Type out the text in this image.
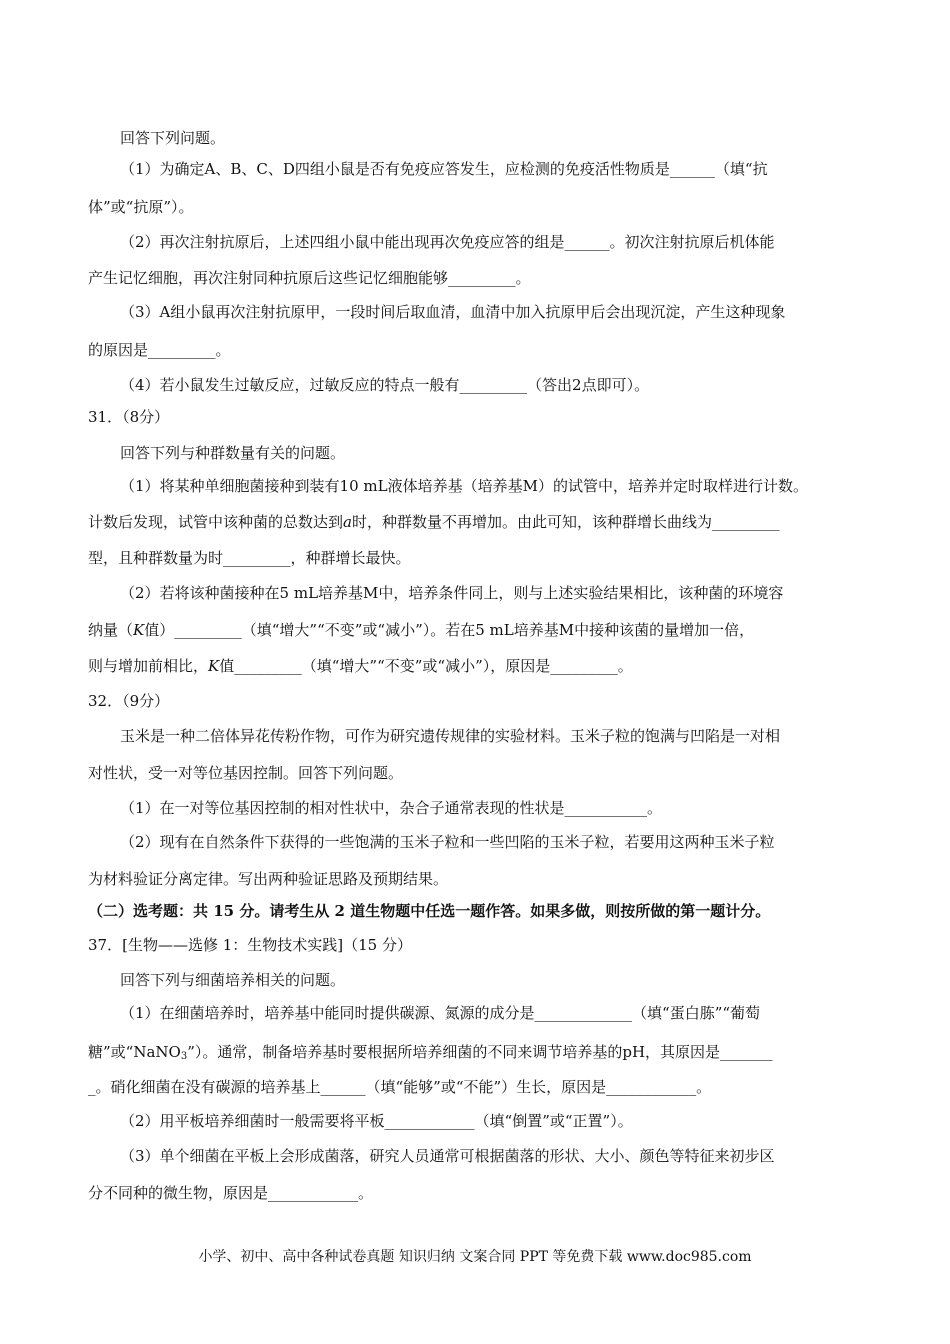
回答下列问题。
（1）为确定A、B、C、D四组小鼠是否有免疫应答发生，应检测的免疫活性物质是______（填“抗
体”或“抗原”）。
（2）再次注射抗原后，上述四组小鼠中能出现再次免疫应答的组是______。初次注射抗原后机体能
产生记忆细胞，再次注射同种抗原后这些记忆细胞能够_________。
（3）A组小鼠再次注射抗原甲，一段时间后取血清，血清中加入抗原甲后会出现沉淀，产生这种现象
的原因是_________。
（4）若小鼠发生过敏反应，过敏反应的特点一般有_________（答出2点即可）。
31．（8分）
回答下列与种群数量有关的问题。
（1）将某种单细胞菌接种到装有10 mL液体培养基（培养基M）的试管中，培养并定时取样进行计数。
计数后发现，试管中该种菌的总数达到a时，种群数量不再增加。由此可知，该种群增长曲线为_________
型，且种群数量为时_________，种群增长最快。
（2）若将该种菌接种在5 mL培养基M中，培养条件同上，则与上述实验结果相比，该种菌的环境容
纳量（K值）_________（填“增大”“不变”或“减小”）。若在5 mL培养基M中接种该菌的量增加一倍，
则与增加前相比，K值_________（填“增大”“不变”或“减小”），原因是_________。
32．（9分）
玉米是一种二倍体异花传粉作物，可作为研究遗传规律的实验材料。玉米子粒的饱满与凹陷是一对相
对性状，受一对等位基因控制。回答下列问题。
（1）在一对等位基因控制的相对性状中，杂合子通常表现的性状是___________。
（2）现有在自然条件下获得的一些饱满的玉米子粒和一些凹陷的玉米子粒，若要用这两种玉米子粒
为材料验证分离定律。写出两种验证思路及预期结果。
（二）选考题：共 15 分。请考生从 2 道生物题中任选一题作答。如果多做，则按所做的第一题计分。
37．[生物——选修 1：生物技术实践]（15 分）
回答下列与细菌培养相关的问题。
（1）在细菌培养时，培养基中能同时提供碳源、氮源的成分是_____________（填“蛋白胨”“葡萄
糖”或“NaNO$_3$”）。通常，制备培养基时要根据所培养细菌的不同来调节培养基的pH，其原因是_______
_。硝化细菌在没有碳源的培养基上______（填“能够”或“不能”）生长，原因是____________。
（2）用平板培养细菌时一般需要将平板____________（填“倒置”或“正置”）。
（3）单个细菌在平板上会形成菌落，研究人员通常可根据菌落的形状、大小、颜色等特征来初步区
分不同种的微生物，原因是____________。
小学、初中、高中各种试卷真题 知识归纳 文案合同 PPT 等免费下载 www.doc985.com
